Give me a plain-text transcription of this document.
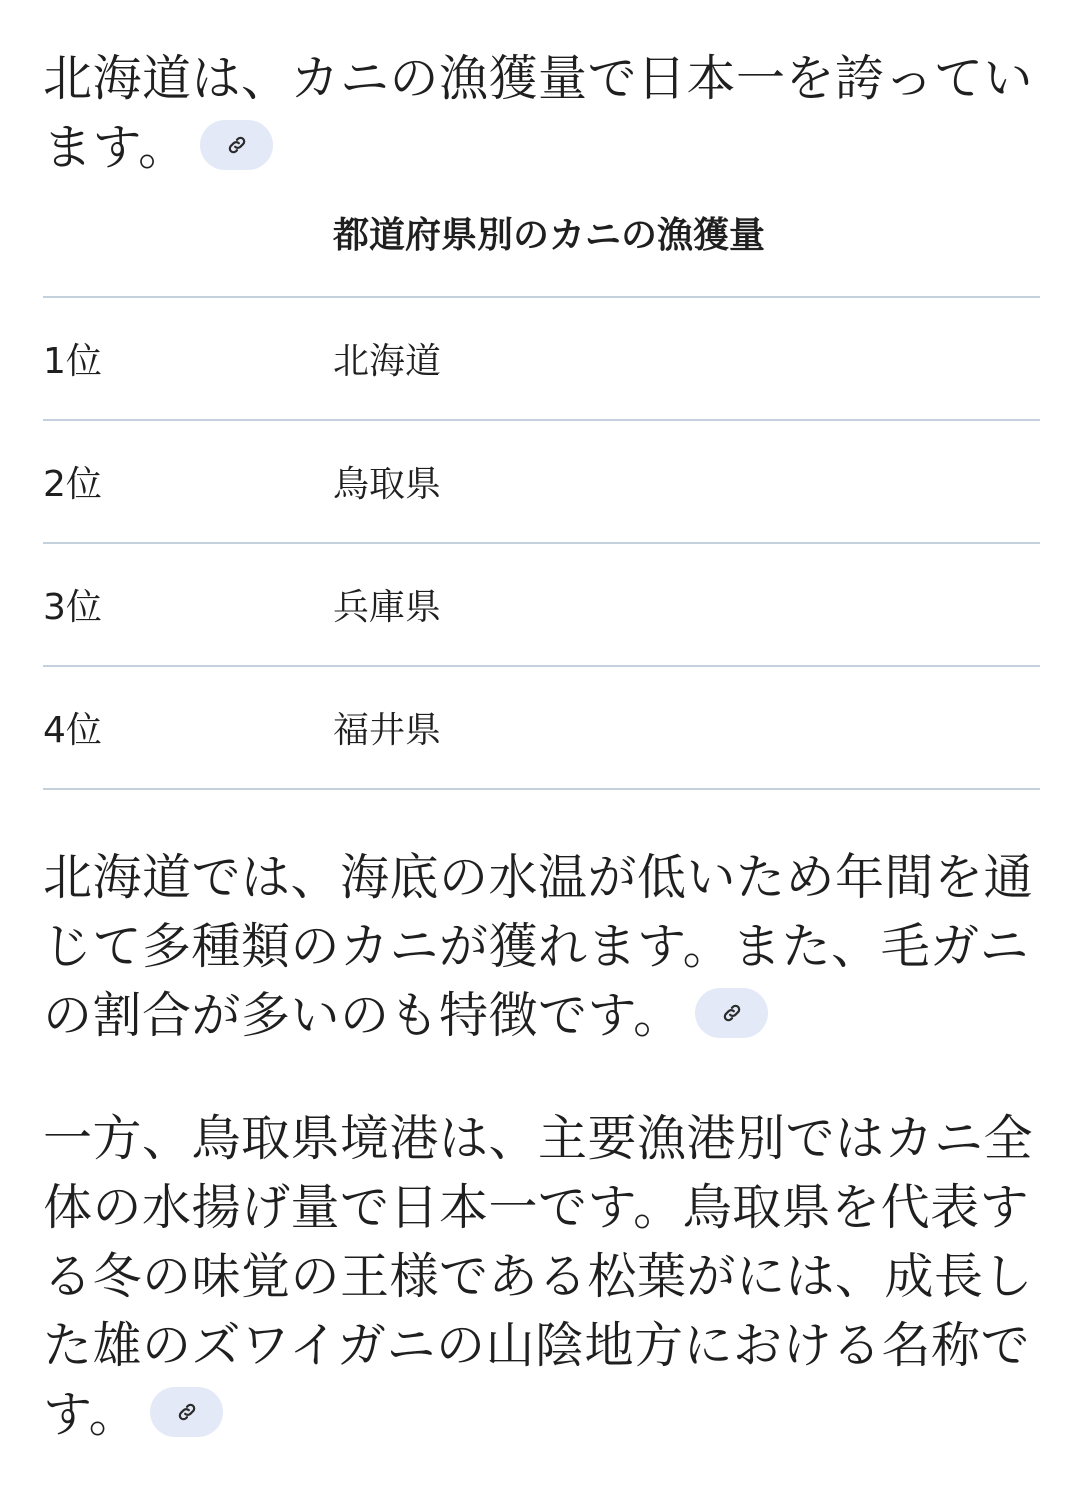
北海道は、カニの漁獲量で日本一を誇っています。

都道府県別のカニの漁獲量
1位	北海道
2位	鳥取県
3位	兵庫県
4位	福井県

北海道では、海底の水温が低いため年間を通じて多種類のカニが獲れます。また、毛ガニの割合が多いのも特徴です。

一方、鳥取県境港は、主要漁港別ではカニ全体の水揚げ量で日本一です。鳥取県を代表する冬の味覚の王様である松葉がには、成長した雄のズワイガニの山陰地方における名称です。
